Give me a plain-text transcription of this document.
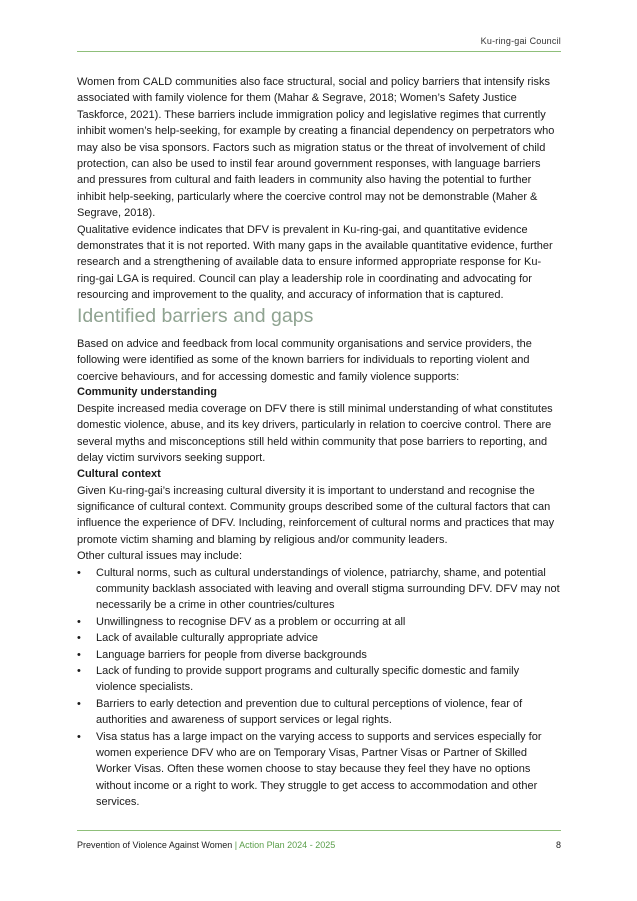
Ku-ring-gai Council

Women from CALD communities also face structural, social and policy barriers that intensify risks associated with family violence for them (Mahar & Segrave, 2018; Women’s Safety Justice Taskforce, 2021). These barriers include immigration policy and legislative regimes that currently inhibit women’s help-seeking, for example by creating a financial dependency on perpetrators who may also be visa sponsors. Factors such as migration status or the threat of involvement of child protection, can also be used to instil fear around government responses, with language barriers and pressures from cultural and faith leaders in community also having the potential to further inhibit help-seeking, particularly where the coercive control may not be demonstrable (Maher & Segrave, 2018).

Qualitative evidence indicates that DFV is prevalent in Ku-ring-gai, and quantitative evidence demonstrates that it is not reported. With many gaps in the available quantitative evidence, further research and a strengthening of available data to ensure informed appropriate response for Ku-ring-gai LGA is required. Council can play a leadership role in coordinating and advocating for resourcing and improvement to the quality, and accuracy of information that is captured.

Identified barriers and gaps

Based on advice and feedback from local community organisations and service providers, the following were identified as some of the known barriers for individuals to reporting violent and coercive behaviours, and for accessing domestic and family violence supports:

Community understanding

Despite increased media coverage on DFV there is still minimal understanding of what constitutes domestic violence, abuse, and its key drivers, particularly in relation to coercive control. There are several myths and misconceptions still held within community that pose barriers to reporting, and delay victim survivors seeking support.

Cultural context

Given Ku-ring-gai’s increasing cultural diversity it is important to understand and recognise the significance of cultural context. Community groups described some of the cultural factors that can influence the experience of DFV. Including, reinforcement of cultural norms and practices that may promote victim shaming and blaming by religious and/or community leaders.

Other cultural issues may include:

• Cultural norms, such as cultural understandings of violence, patriarchy, shame, and potential community backlash associated with leaving and overall stigma surrounding DFV. DFV may not necessarily be a crime in other countries/cultures
• Unwillingness to recognise DFV as a problem or occurring at all
• Lack of available culturally appropriate advice
• Language barriers for people from diverse backgrounds
• Lack of funding to provide support programs and culturally specific domestic and family violence specialists.
• Barriers to early detection and prevention due to cultural perceptions of violence, fear of authorities and awareness of support services or legal rights.
• Visa status has a large impact on the varying access to supports and services especially for women experience DFV who are on Temporary Visas, Partner Visas or Partner of Skilled Worker Visas. Often these women choose to stay because they feel they have no options without income or a right to work. They struggle to get access to accommodation and other services.
Prevention of Violence Against Women | Action Plan 2024 - 2025	8
